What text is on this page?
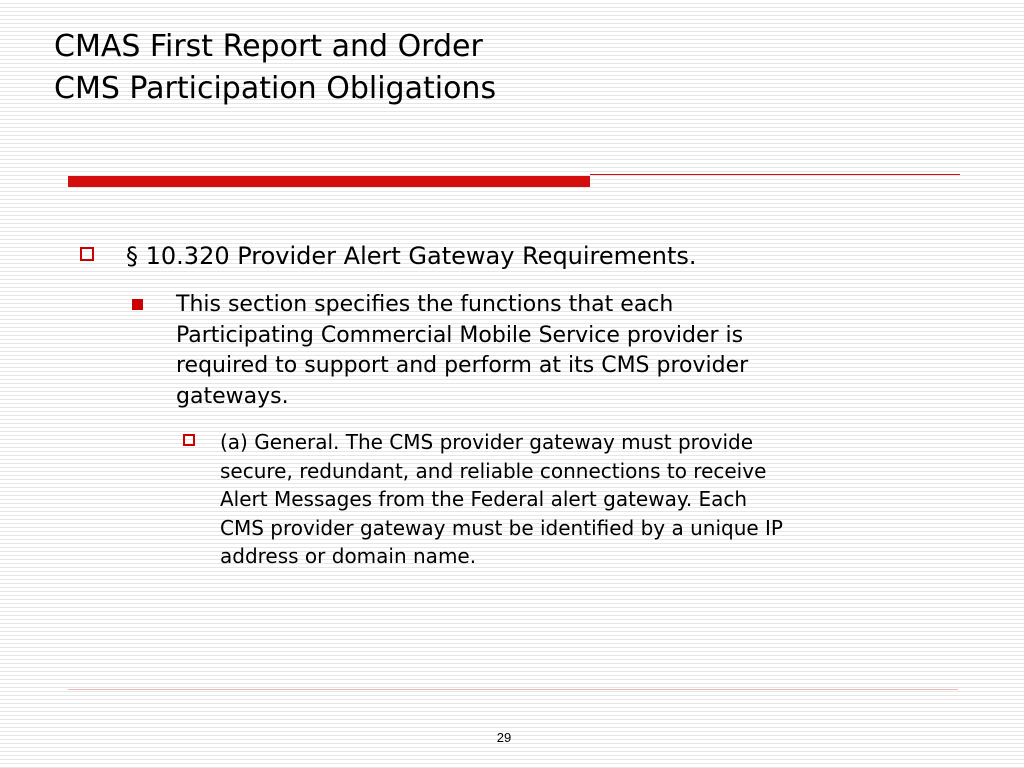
CMAS First Report and Order
CMS Participation Obligations
§ 10.320 Provider Alert Gateway Requirements.
This section specifies the functions that each
Participating Commercial Mobile Service provider is
required to support and perform at its CMS provider
gateways.
(a) General. The CMS provider gateway must provide
secure, redundant, and reliable connections to receive
Alert Messages from the Federal alert gateway. Each
CMS provider gateway must be identified by a unique IP
address or domain name.
29
